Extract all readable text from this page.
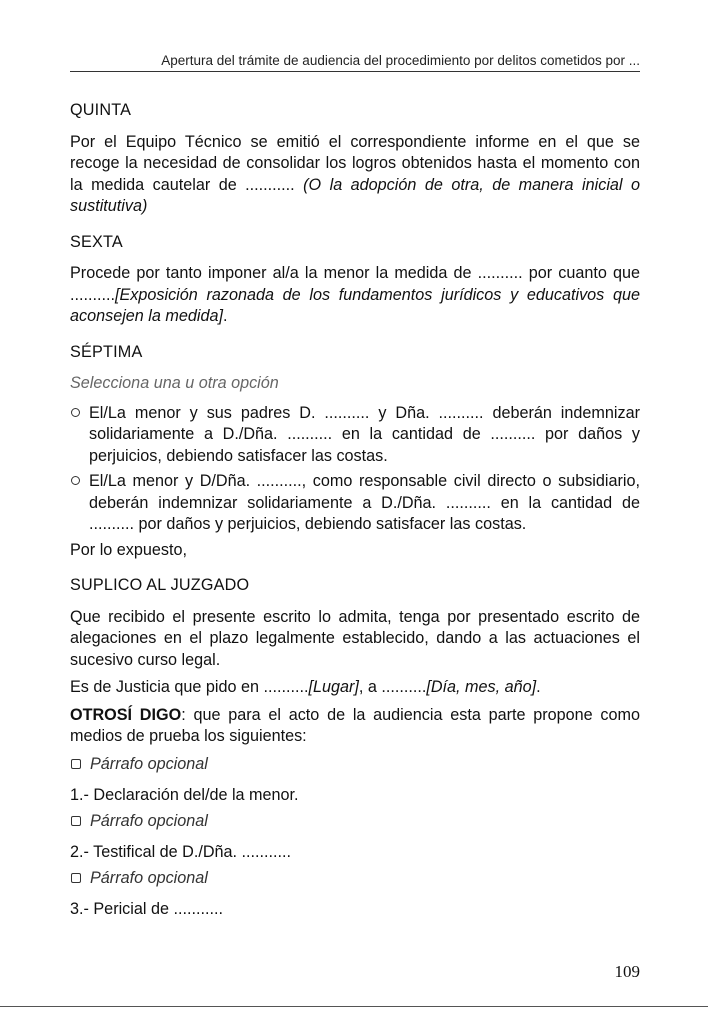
Apertura del trámite de audiencia del procedimiento por delitos cometidos por ...
QUINTA

Por el Equipo Técnico se emitió el correspondiente informe en el que se recoge la necesidad de consolidar los logros obtenidos hasta el momento con la medida cautelar de ........... (O la adopción de otra, de manera inicial o sustitutiva)

SEXTA

Procede por tanto imponer al/a la menor la medida de .......... por cuanto que ..........[Exposición razonada de los fundamentos jurídicos y educativos que aconsejen la medida].

SÉPTIMA
Selecciona una u otra opción
El/La menor y sus padres D. .......... y Dña. .......... deberán indemnizar solidariamente a D./Dña. .......... en la cantidad de .......... por daños y perjuicios, debiendo satisfacer las costas.
El/La menor y D/Dña. .........., como responsable civil directo o subsidiario, deberán indemnizar solidariamente a D./Dña. .......... en la cantidad de .......... por daños y perjuicios, debiendo satisfacer las costas.

Por lo expuesto,

SUPLICO AL JUZGADO

Que recibido el presente escrito lo admita, tenga por presentado escrito de alegaciones en el plazo legalmente establecido, dando a las actuaciones el sucesivo curso legal.

Es de Justicia que pido en ..........[Lugar], a ..........[Día, mes, año].

OTROSÍ DIGO: que para el acto de la audiencia esta parte propone como medios de prueba los siguientes:

Párrafo opcional
1.- Declaración del/de la menor.
Párrafo opcional
2.- Testifical de D./Dña. ...........
Párrafo opcional
3.- Pericial de ...........
109
